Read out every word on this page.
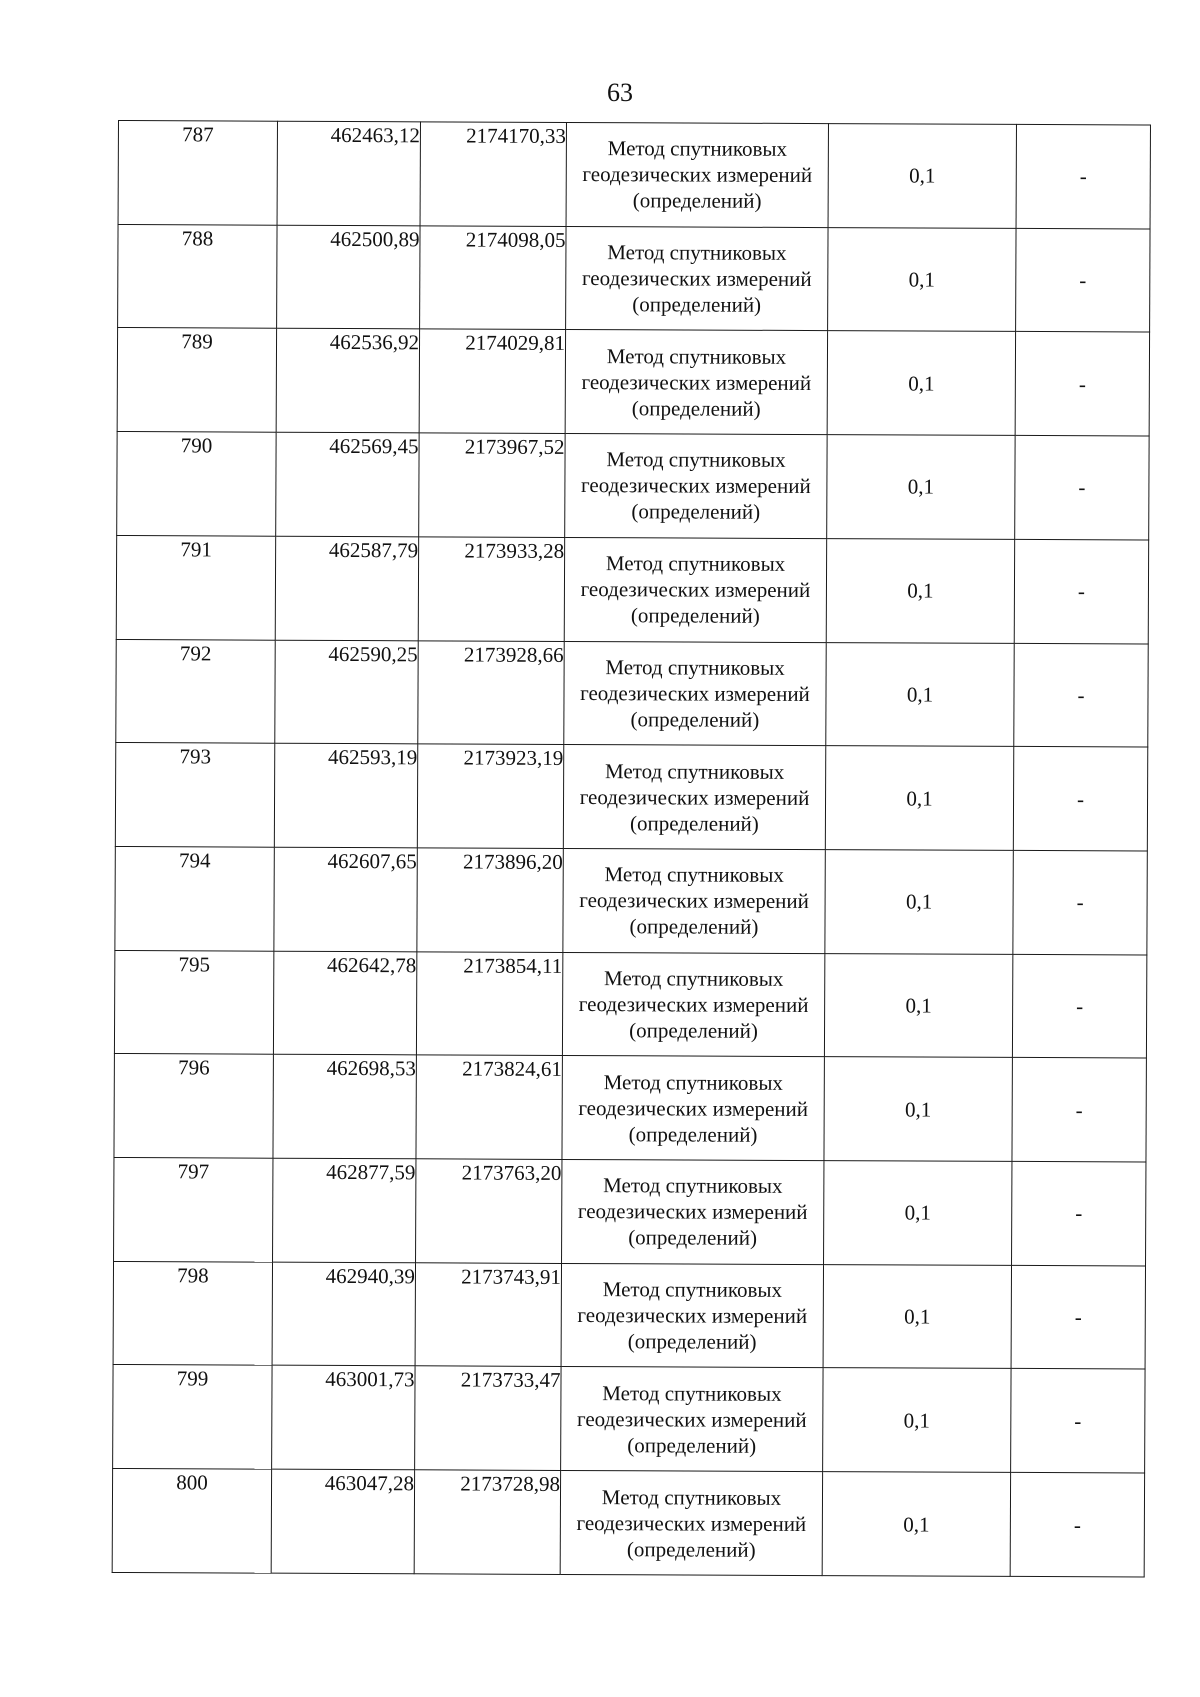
63
787	462463,12	2174170,33	Метод спутниковых
геодезических измерений
(определений)	0,1	-
788	462500,89	2174098,05	Метод спутниковых
геодезических измерений
(определений)	0,1	-
789	462536,92	2174029,81	Метод спутниковых
геодезических измерений
(определений)	0,1	-
790	462569,45	2173967,52	Метод спутниковых
геодезических измерений
(определений)	0,1	-
791	462587,79	2173933,28	Метод спутниковых
геодезических измерений
(определений)	0,1	-
792	462590,25	2173928,66	Метод спутниковых
геодезических измерений
(определений)	0,1	-
793	462593,19	2173923,19	Метод спутниковых
геодезических измерений
(определений)	0,1	-
794	462607,65	2173896,20	Метод спутниковых
геодезических измерений
(определений)	0,1	-
795	462642,78	2173854,11	Метод спутниковых
геодезических измерений
(определений)	0,1	-
796	462698,53	2173824,61	Метод спутниковых
геодезических измерений
(определений)	0,1	-
797	462877,59	2173763,20	Метод спутниковых
геодезических измерений
(определений)	0,1	-
798	462940,39	2173743,91	Метод спутниковых
геодезических измерений
(определений)	0,1	-
799	463001,73	2173733,47	Метод спутниковых
геодезических измерений
(определений)	0,1	-
800	463047,28	2173728,98	Метод спутниковых
геодезических измерений
(определений)	0,1	-
